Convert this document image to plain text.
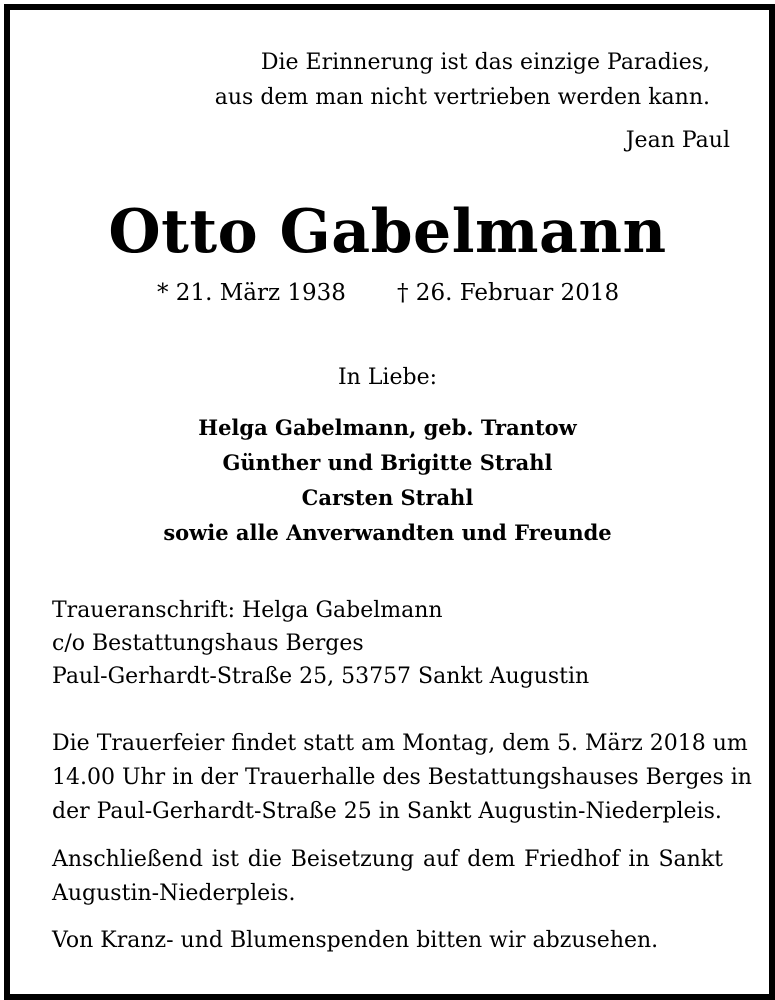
Die Erinnerung ist das einzige Paradies,
aus dem man nicht vertrieben werden kann.
Jean Paul
Otto Gabelmann
* 21. März 1938 † 26. Februar 2018
In Liebe:
Helga Gabelmann, geb. Trantow
Günther und Brigitte Strahl
Carsten Strahl
sowie alle Anverwandten und Freunde
Traueranschrift: Helga Gabelmann
c/o Bestattungshaus Berges
Paul-Gerhardt-Straße 25, 53757 Sankt Augustin
Die Trauerfeier findet statt am Montag, dem 5. März 2018 um
14.00 Uhr in der Trauerhalle des Bestattungshauses Berges in
der Paul-Gerhardt-Straße 25 in Sankt Augustin-Niederpleis.
Anschließend ist die Beisetzung auf dem Friedhof in Sankt
Augustin-Niederpleis.
Von Kranz- und Blumenspenden bitten wir abzusehen.
